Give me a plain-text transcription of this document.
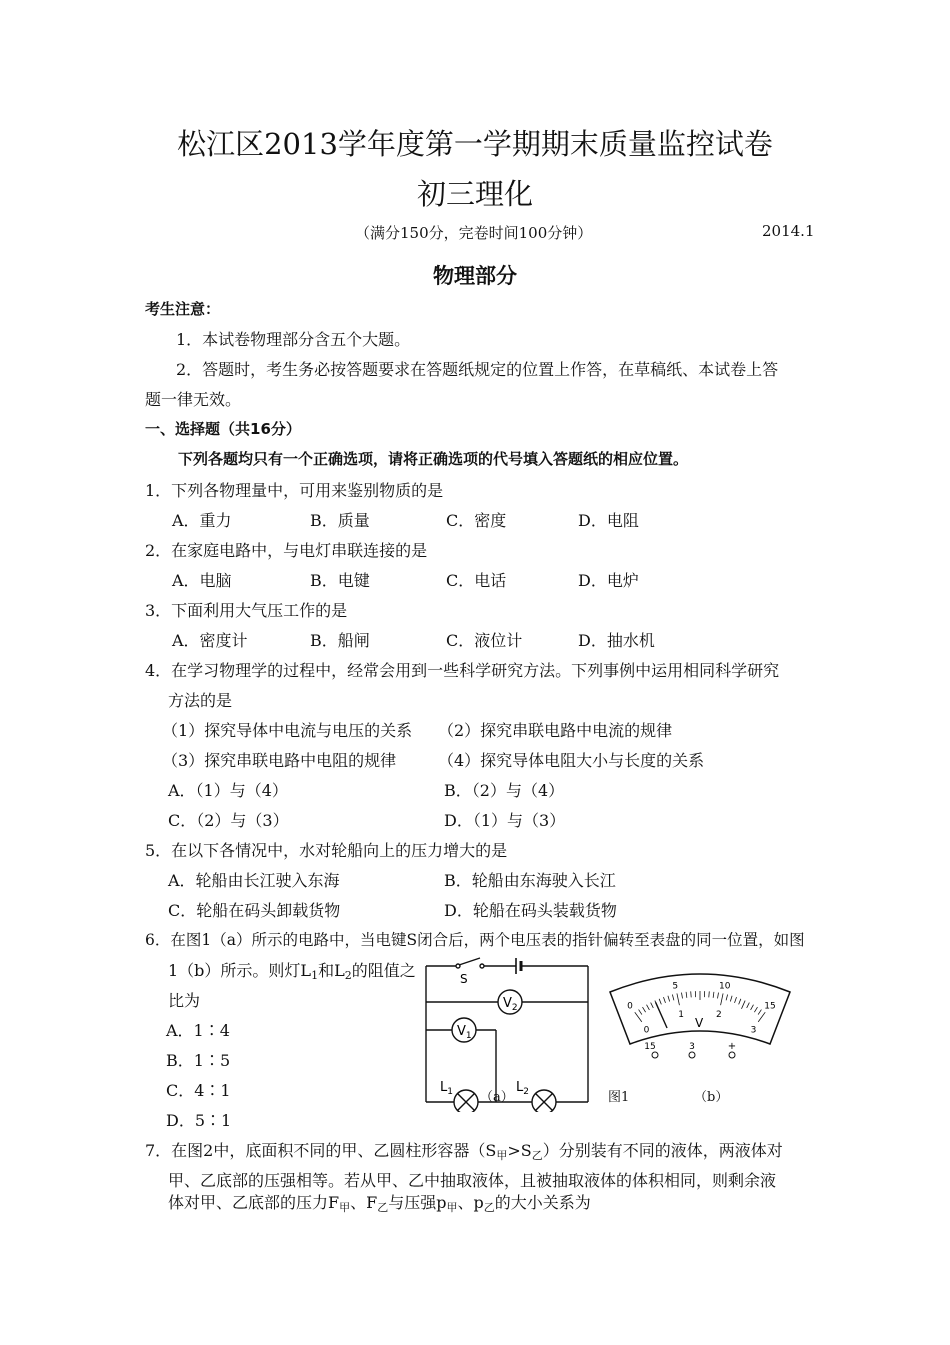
松江区2013学年度第一学期期末质量监控试卷
初三理化
（满分150分，完卷时间100分钟）	2014.1
物理部分
考生注意：
1．本试卷物理部分含五个大题。
2．答题时，考生务必按答题要求在答题纸规定的位置上作答，在草稿纸、本试卷上答
题一律无效。
一、选择题（共16分）
下列各题均只有一个正确选项，请将正确选项的代号填入答题纸的相应位置。
1．下列各物理量中，可用来鉴别物质的是
A．重力	B．质量	C．密度	D．电阻
2．在家庭电路中，与电灯串联连接的是
A．电脑	B．电键	C．电话	D．电炉
3．下面利用大气压工作的是
A．密度计	B．船闸	C．液位计	D．抽水机
4．在学习物理学的过程中，经常会用到一些科学研究方法。下列事例中运用相同科学研究
方法的是
（1）探究导体中电流与电压的关系 （2）探究串联电路中电流的规律
（3）探究串联电路中电阻的规律	（4）探究导体电阻大小与长度的关系
A．（1）与（4）	B．（2）与（4）
C．（2）与（3）	D．（1）与（3）
5．在以下各情况中，水对轮船向上的压力增大的是
A．轮船由长江驶入东海	B．轮船由东海驶入长江
C．轮船在码头卸载货物	D．轮船在码头装载货物
6．在图1（a）所示的电路中，当电键S闭合后，两个电压表的指针偏转至表盘的同一位置，如图
1（b）所示。则灯$L_1$和$L_2$的阻值之
比为
A．1∶4
B．1∶5
C．4∶1
D．5∶1
S
$V_2$
$V_1$
$L_1$	$L_2$
0
5	10
15
0
1	2
3
V
15	3	+
（a）	图1	（b）
7．在图2中，底面积不同的甲、乙圆柱形容器$(S_甲>S_乙)$分别装有不同的液体，两液体对
甲、乙底部的压强相等。若从甲、乙中抽取液体，且被抽取液体的体积相同，则剩余液
体对甲、乙底部的压力$F_甲$、$F_乙$与压强$p_甲$、$p_乙$的大小关系为
